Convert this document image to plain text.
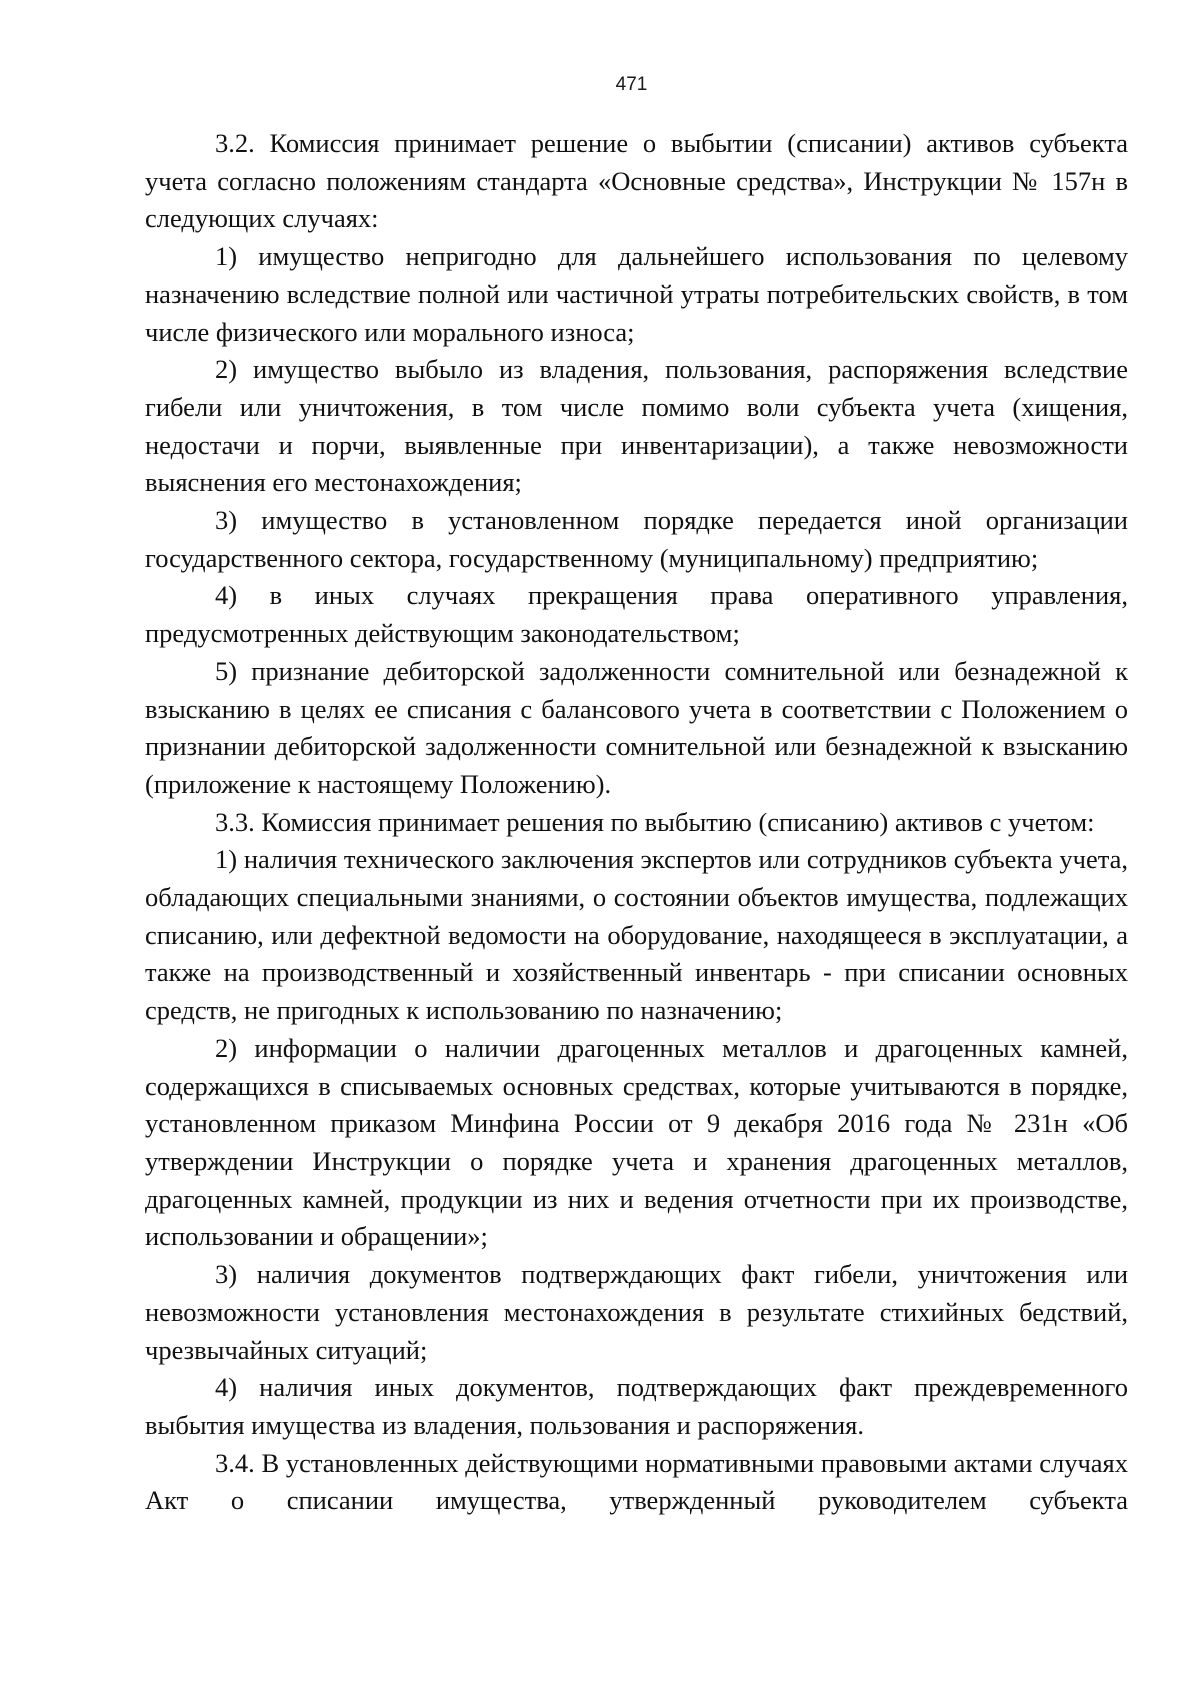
471

3.2. Комиссия принимает решение о выбытии (списании) активов субъекта учета согласно положениям стандарта «Основные средства», Инструкции № 157н в следующих случаях:

1) имущество непригодно для дальнейшего использования по целевому назначению вследствие полной или частичной утраты потребительских свойств, в том числе физического или морального износа;

2) имущество выбыло из владения, пользования, распоряжения вследствие гибели или уничтожения, в том числе помимо воли субъекта учета (хищения, недостачи и порчи, выявленные при инвентаризации), а также невозможности выяснения его местонахождения;

3) имущество в установленном порядке передается иной организации государственного сектора, государственному (муниципальному) предприятию;

4) в иных случаях прекращения права оперативного управления, предусмотренных действующим законодательством;

5) признание дебиторской задолженности сомнительной или безнадежной к взысканию в целях ее списания с балансового учета в соответствии с Положением о признании дебиторской задолженности сомнительной или безнадежной к взысканию (приложение к настоящему Положению).

3.3. Комиссия принимает решения по выбытию (списанию) активов с учетом:

1) наличия технического заключения экспертов или сотрудников субъекта учета, обладающих специальными знаниями, о состоянии объектов имущества, подлежащих списанию, или дефектной ведомости на оборудование, находящееся в эксплуатации, а также на производственный и хозяйственный инвентарь - при списании основных средств, не пригодных к использованию по назначению;

2) информации о наличии драгоценных металлов и драгоценных камней, содержащихся в списываемых основных средствах, которые учитываются в порядке, установленном приказом Минфина России от 9 декабря 2016 года № 231н «Об утверждении Инструкции о порядке учета и хранения драгоценных металлов, драгоценных камней, продукции из них и ведения отчетности при их производстве, использовании и обращении»;

3) наличия документов подтверждающих факт гибели, уничтожения или невозможности установления местонахождения в результате стихийных бедствий, чрезвычайных ситуаций;

4) наличия иных документов, подтверждающих факт преждевременного выбытия имущества из владения, пользования и распоряжения.

3.4. В установленных действующими нормативными правовыми актами случаях Акт о списании имущества, утвержденный руководителем субъекта
